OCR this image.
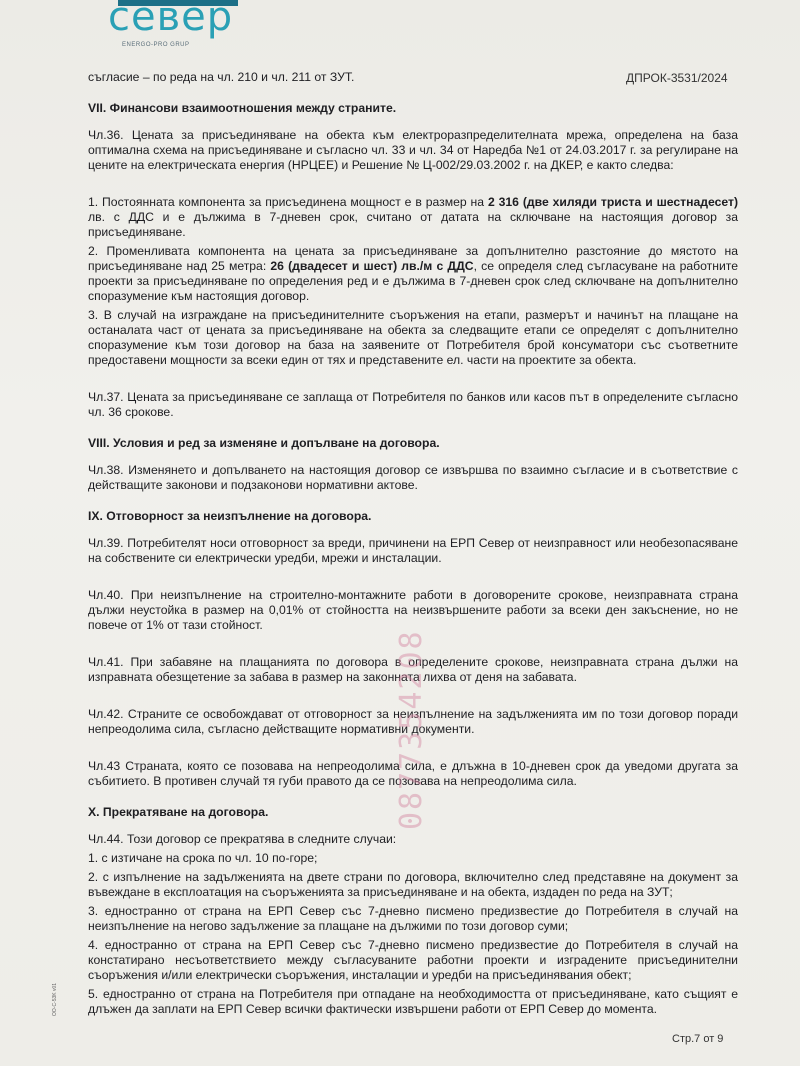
север
ENERGO-PRO GRUP
ДПРОК-3531/2024

съгласие – по реда на чл. 210 и чл. 211 от ЗУТ.

VII. Финансови взаимоотношения между страните.

Чл.36. Цената за присъединяване на обекта към електроразпределителната мрежа, определена на база оптимална схема на присъединяване и съгласно чл. 33 и чл. 34 от Наредба №1 от 24.03.2017 г. за регулиране на цените на електрическата енергия (НРЦЕЕ) и Решение № Ц-002/29.03.2002 г. на ДКЕР, е както следва:

1. Постоянната компонента за присъединена мощност е в размер на 2 316 (две хиляди триста и шестнадесет) лв. с ДДС и е дължима в 7-дневен срок, считано от датата на сключване на настоящия договор за присъединяване.

2. Променливата компонента на цената за присъединяване за допълнително разстояние до мястото на присъединяване над 25 метра: 26 (двадесет и шест) лв./м с ДДС, се определя след съгласуване на работните проекти за присъединяване по определения ред и е дължима в 7-дневен срок след сключване на допълнително споразумение към настоящия договор.

3. В случай на изграждане на присъединителните съоръжения на етапи, размерът и начинът на плащане на останалата част от цената за присъединяване на обекта за следващите етапи се определят с допълнително споразумение към този договор на база на заявените от Потребителя брой консуматори със съответните предоставени мощности за всеки един от тях и представените ел. части на проектите за обекта.

Чл.37. Цената за присъединяване се заплаща от Потребителя по банков или касов път в определените съгласно чл. 36 срокове.

VIII. Условия и ред за изменяне и допълване на договора.

Чл.38. Изменянето и допълването на настоящия договор се извършва по взаимно съгласие и в съответствие с действащите законови и подзаконови нормативни актове.

IX. Отговорност за неизпълнение на договора.

Чл.39. Потребителят носи отговорност за вреди, причинени на ЕРП Север от неизправност или необезопасяване на собствените си електрически уредби, мрежи и инсталации.

Чл.40. При неизпълнение на строително-монтажните работи в договорените срокове, неизправната страна дължи неустойка в размер на 0,01% от стойността на неизвършените работи за всеки ден закъснение, но не повече от 1% от тази стойност.

Чл.41. При забавяне на плащанията по договора в определените срокове, неизправната страна дължи на изправната обезщетение за забава в размер на законната лихва от деня на забавата.

Чл.42. Страните се освобождават от отговорност за неизпълнение на задълженията им по този договор поради непреодолима сила, съгласно действащите нормативни документи.

Чл.43 Страната, която се позовава на непреодолима сила, е длъжна в 10-дневен срок да уведоми другата за събитието. В противен случай тя губи правото да се позовава на непреодолима сила.

X. Прекратяване на договора.

Чл.44. Този договор се прекратява в следните случаи:

1. с изтичане на срока по чл. 10 по-горе;

2. с изпълнение на задълженията на двете страни по договора, включително след представяне на документ за въвеждане в експлоатация на съоръженията за присъединяване и на обекта, издаден по реда на ЗУТ;

3. едностранно от страна на ЕРП Север със 7-дневно писмено предизвестие до Потребителя в случай на неизпълнение на негово задължение за плащане на дължими по този договор суми;

4. едностранно от страна на ЕРП Север със 7-дневно писмено предизвестие до Потребителя в случай на констатирано несъответствието между съгласуваните работни проекти и изградените присъединителни съоръжения и/или електрически съоръжения, инсталации и уредби на присъединявания обект;

5. едностранно от страна на Потребителя при отпадане на необходимостта от присъединяване, като същият е длъжен да заплати на ЕРП Север всички фактически извършени работи от ЕРП Север до момента.

0877354208
OO-C-53K v01
Стр.7 от 9
